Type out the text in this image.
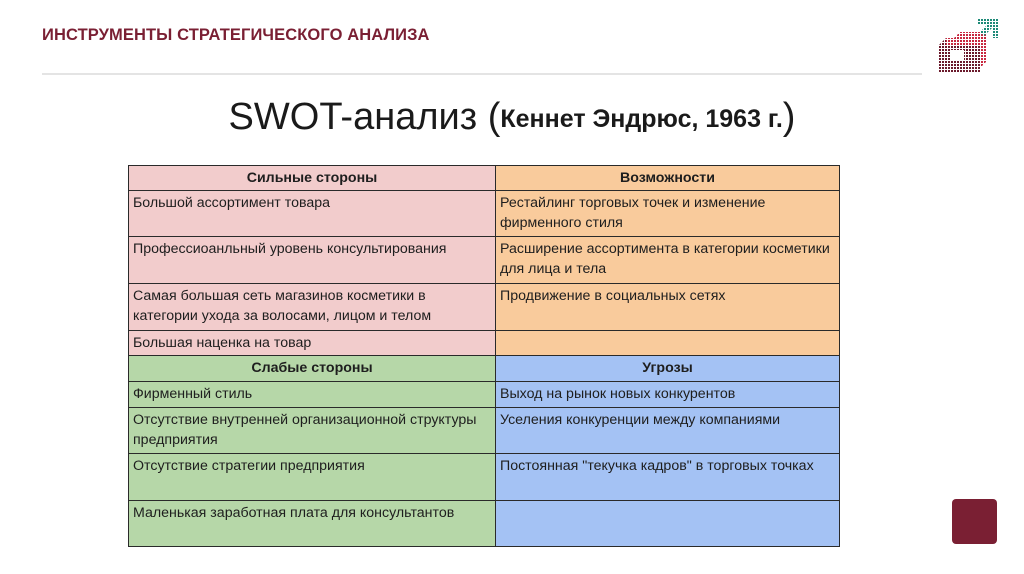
ИНСТРУМЕНТЫ СТРАТЕГИЧЕСКОГО АНАЛИЗА
SWOT-анализ (Кеннет Эндрюс, 1963 г.)
Сильные стороны	Возможности
Большой ассортимент товара	Рестайлинг торговых точек и изменение фирменного стиля
Профессиоанльный уровень консультирования	Расширение ассортимента в категории косметики для лица и тела
Самая большая сеть магазинов косметики в категории ухода за волосами, лицом и телом	Продвижение в социальных сетях
Большая наценка на товар	
Слабые стороны	Угрозы
Фирменный стиль	Выход на рынок новых конкурентов
Отсутствие внутренней организационной структуры предприятия	Уселения конкуренции между компаниями
Отсутствие стратегии предприятия	Постоянная "текучка кадров" в торговых точках
Маленькая заработная плата для консультантов	
